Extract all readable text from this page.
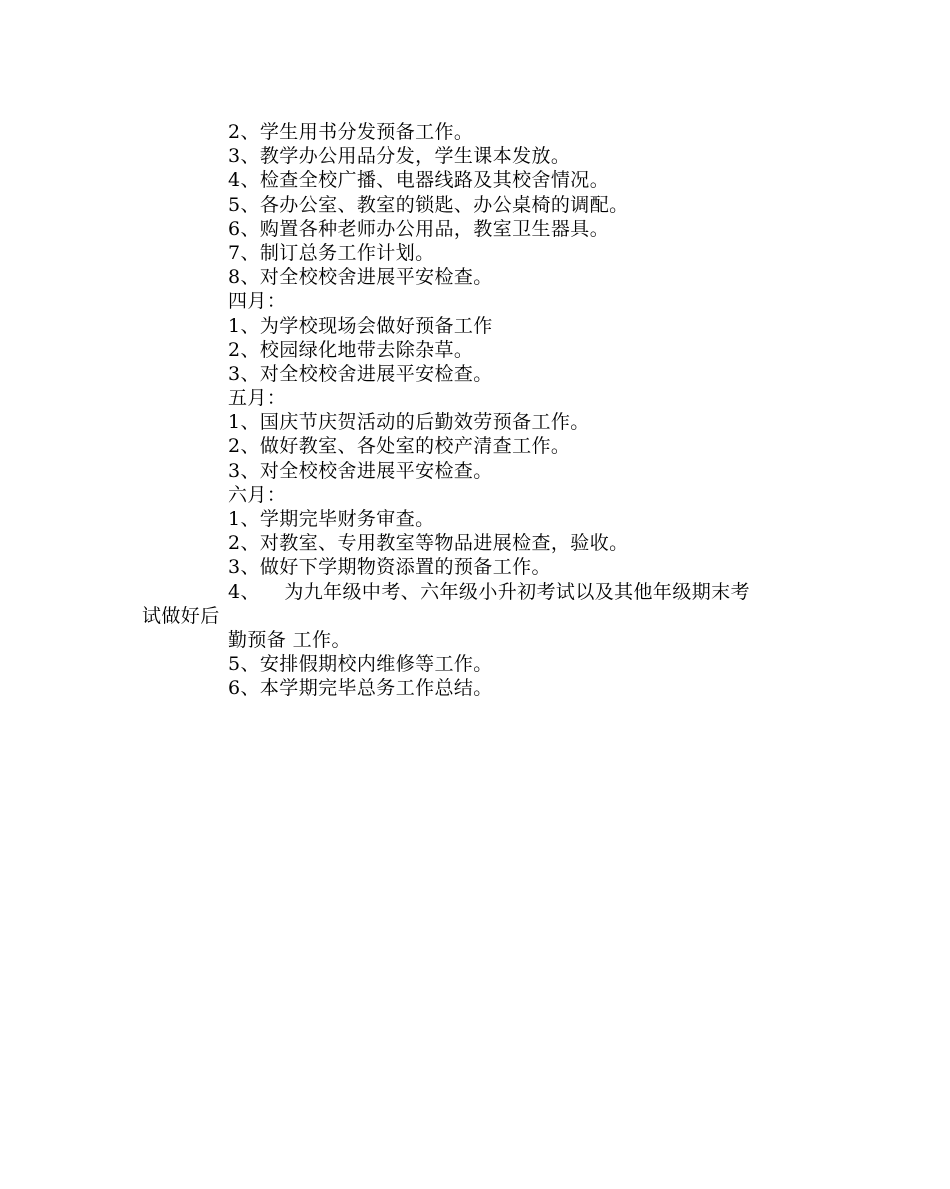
2、学生用书分发预备工作。
3、教学办公用品分发，学生课本发放。
4、检查全校广播、电器线路及其校舍情况。
5、各办公室、教室的锁匙、办公桌椅的调配。
6、购置各种老师办公用品，教室卫生器具。
7、制订总务工作计划。
8、对全校校舍进展平安检查。
四月：
1、为学校现场会做好预备工作
2、校园绿化地带去除杂草。
3、对全校校舍进展平安检查。
五月：
1、国庆节庆贺活动的后勤效劳预备工作。
2、做好教室、各处室的校产清查工作。
3、对全校校舍进展平安检查。
六月：
1、学期完毕财务审查。
2、对教室、专用教室等物品进展检查，验收。
3、做好下学期物资添置的预备工作。
4、 为九年级中考、六年级小升初考试以及其他年级期末考
试做好后
勤预备 工作。
5、安排假期校内维修等工作。
6、本学期完毕总务工作总结。
